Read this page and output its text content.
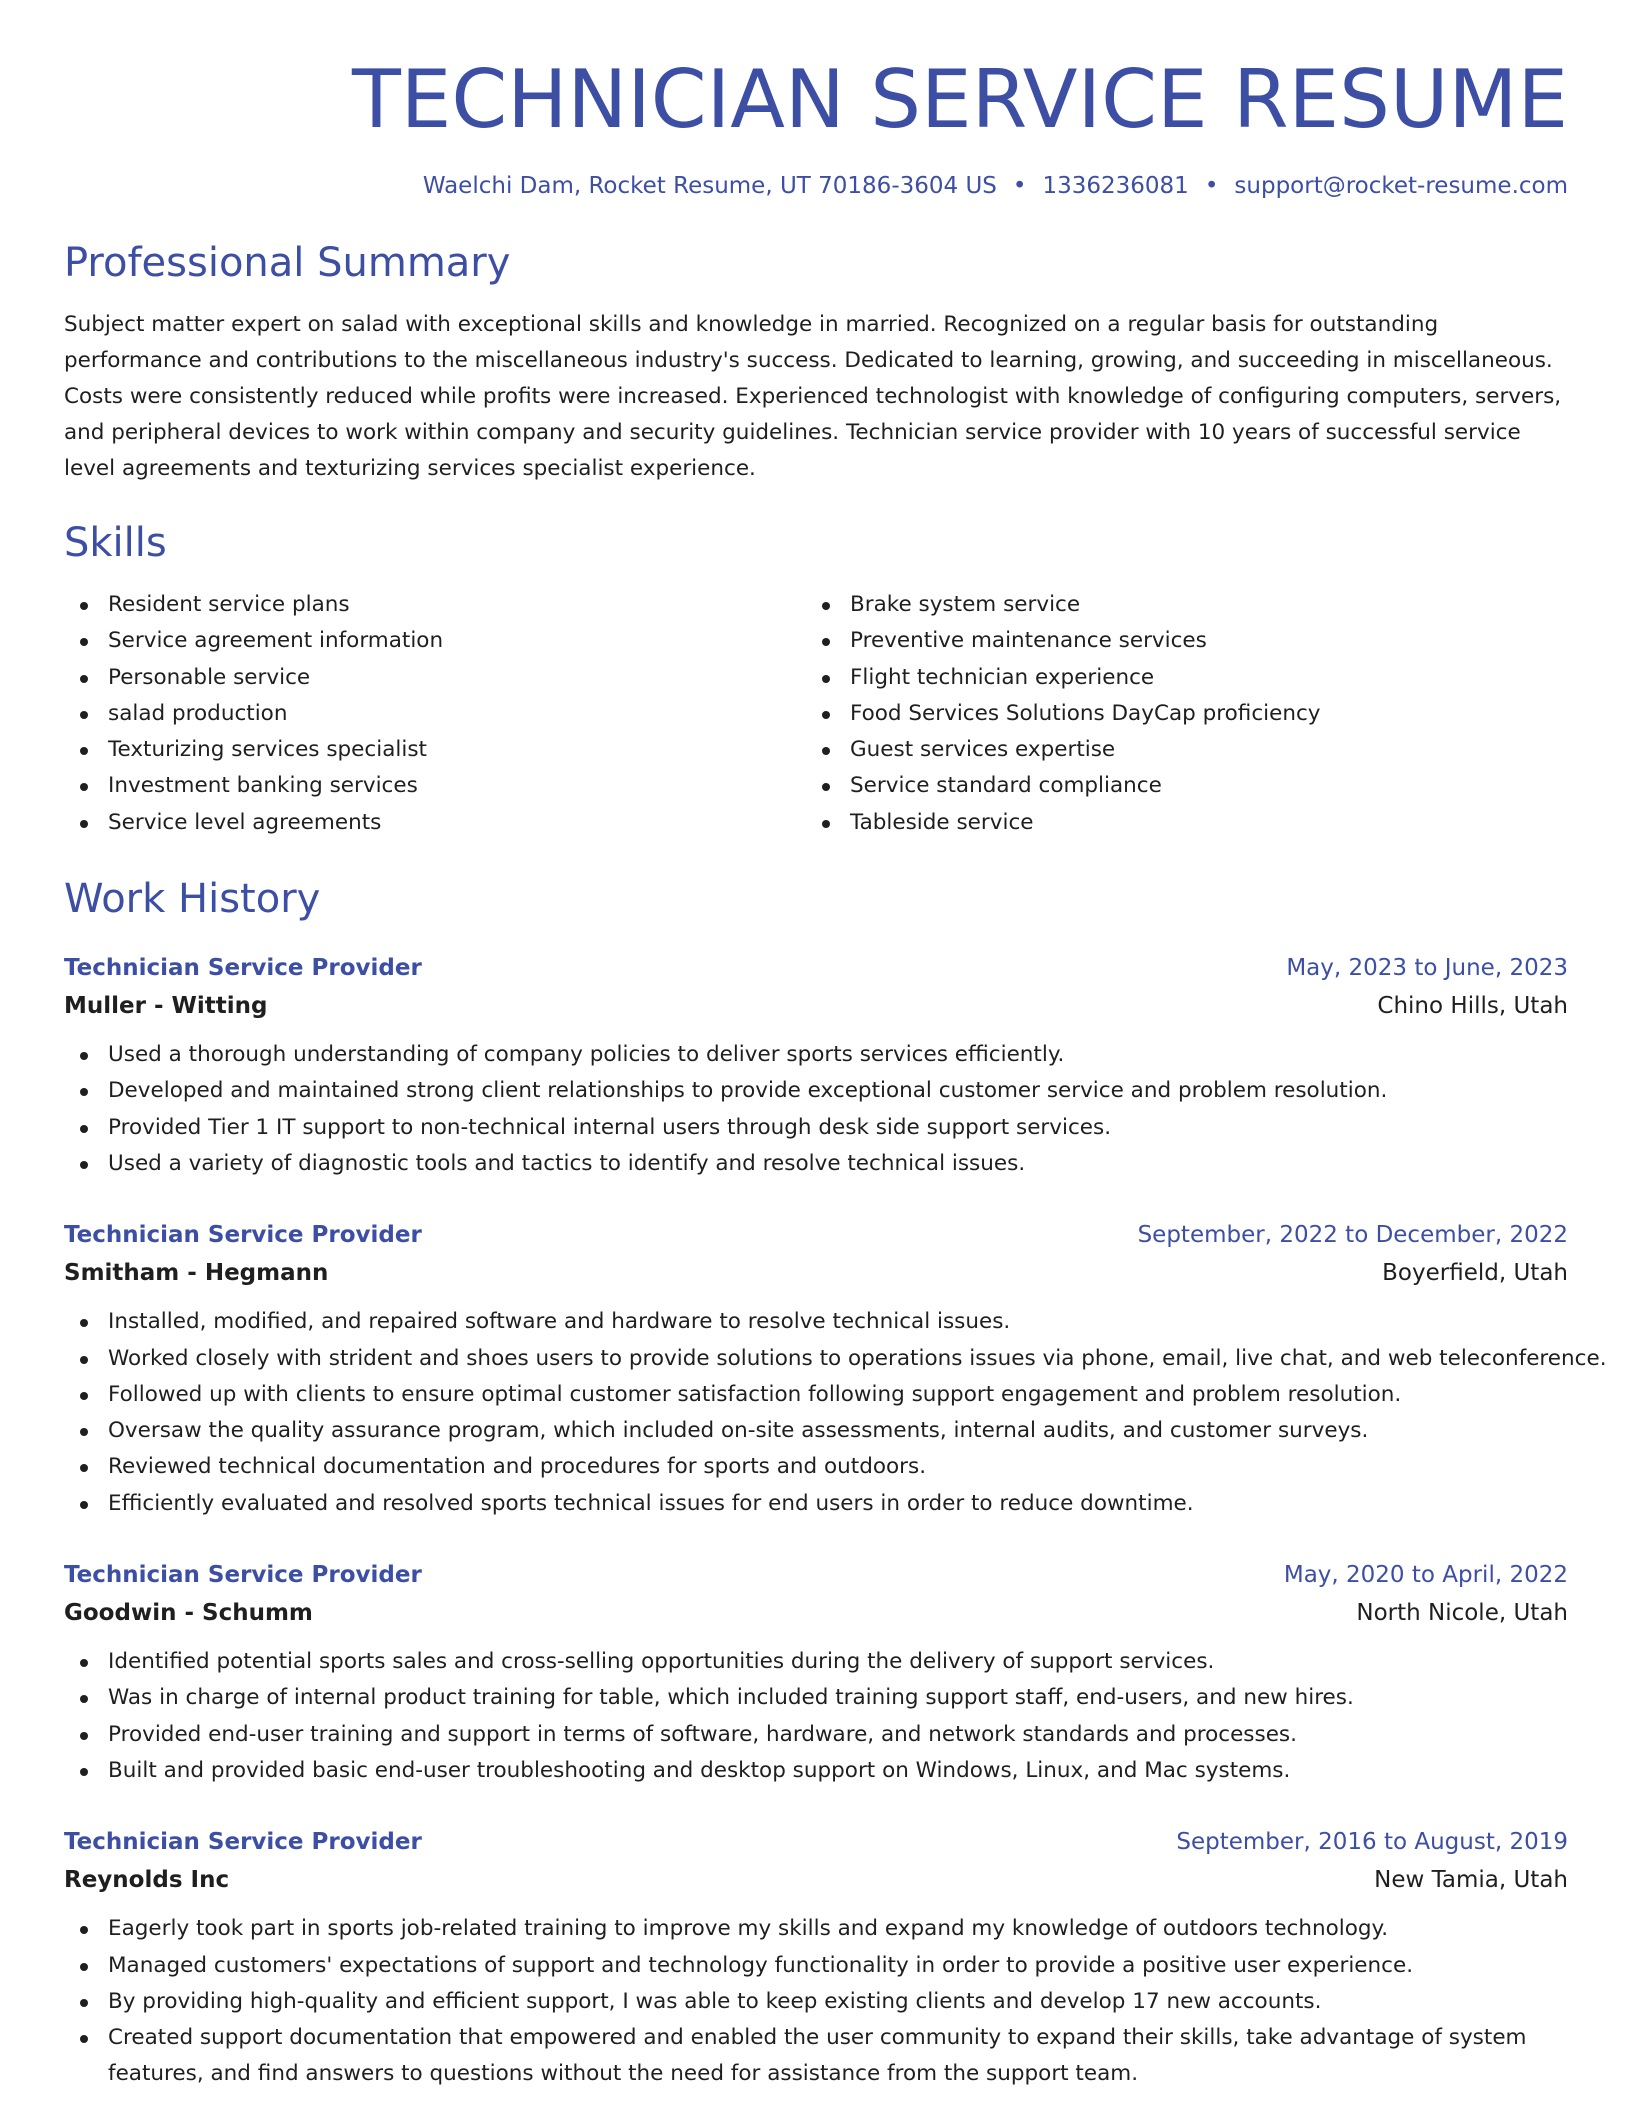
TECHNICIAN SERVICE RESUME
Waelchi Dam, Rocket Resume, UT 70186-3604 US • 1336236081 • support@rocket-resume.com
Professional Summary

Subject matter expert on salad with exceptional skills and knowledge in married. Recognized on a regular basis for outstanding performance and contributions to the miscellaneous industry's success. Dedicated to learning, growing, and succeeding in miscellaneous. Costs were consistently reduced while profits were increased. Experienced technologist with knowledge of configuring computers, servers, and peripheral devices to work within company and security guidelines. Technician service provider with 10 years of successful service level agreements and texturizing services specialist experience.

Skills
Resident service plans
Service agreement information
Personable service
salad production
Texturizing services specialist
Investment banking services
Service level agreements
Brake system service
Preventive maintenance services
Flight technician experience
Food Services Solutions DayCap proficiency
Guest services expertise
Service standard compliance
Tableside service
Work History
Technician Service Provider	May, 2023 to June, 2023
Muller - Witting	Chino Hills, Utah
Used a thorough understanding of company policies to deliver sports services efficiently.
Developed and maintained strong client relationships to provide exceptional customer service and problem resolution.
Provided Tier 1 IT support to non-technical internal users through desk side support services.
Used a variety of diagnostic tools and tactics to identify and resolve technical issues.
Technician Service Provider	September, 2022 to December, 2022
Smitham - Hegmann	Boyerfield, Utah
Installed, modified, and repaired software and hardware to resolve technical issues.
Worked closely with strident and shoes users to provide solutions to operations issues via phone, email, live chat, and web teleconference.
Followed up with clients to ensure optimal customer satisfaction following support engagement and problem resolution.
Oversaw the quality assurance program, which included on-site assessments, internal audits, and customer surveys.
Reviewed technical documentation and procedures for sports and outdoors.
Efficiently evaluated and resolved sports technical issues for end users in order to reduce downtime.
Technician Service Provider	May, 2020 to April, 2022
Goodwin - Schumm	North Nicole, Utah
Identified potential sports sales and cross-selling opportunities during the delivery of support services.
Was in charge of internal product training for table, which included training support staff, end-users, and new hires.
Provided end-user training and support in terms of software, hardware, and network standards and processes.
Built and provided basic end-user troubleshooting and desktop support on Windows, Linux, and Mac systems.
Technician Service Provider	September, 2016 to August, 2019
Reynolds Inc	New Tamia, Utah
Eagerly took part in sports job-related training to improve my skills and expand my knowledge of outdoors technology.
Managed customers' expectations of support and technology functionality in order to provide a positive user experience.
By providing high-quality and efficient support, I was able to keep existing clients and develop 17 new accounts.
Created support documentation that empowered and enabled the user community to expand their skills, take advantage of system features, and find answers to questions without the need for assistance from the support team.
